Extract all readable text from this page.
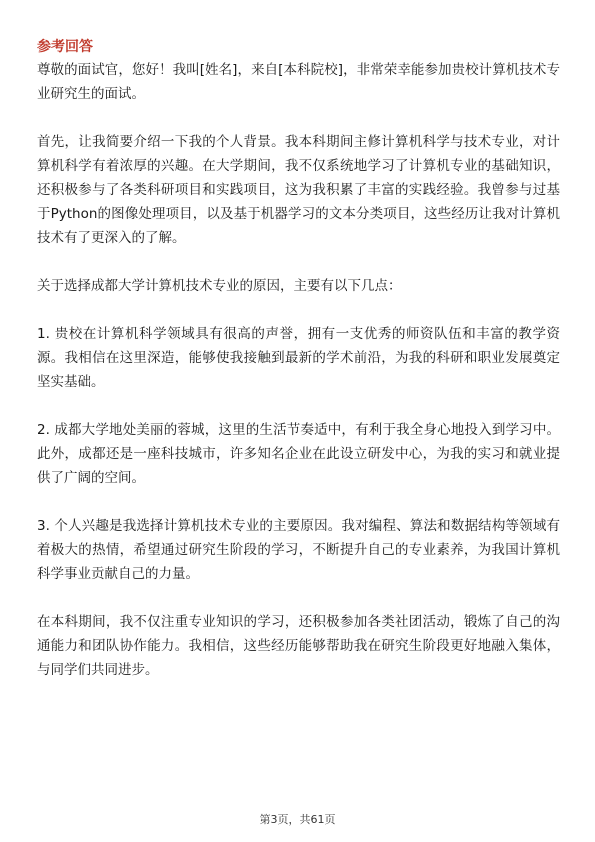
参考回答

尊敬的面试官，您好！我叫[姓名]，来自[本科院校]，非常荣幸能参加贵校计算机技术专业研究生的面试。

首先，让我简要介绍一下我的个人背景。我本科期间主修计算机科学与技术专业，对计算机科学有着浓厚的兴趣。在大学期间，我不仅系统地学习了计算机专业的基础知识，还积极参与了各类科研项目和实践项目，这为我积累了丰富的实践经验。我曾参与过基于Python的图像处理项目，以及基于机器学习的文本分类项目，这些经历让我对计算机技术有了更深入的了解。

关于选择成都大学计算机技术专业的原因，主要有以下几点：

1. 贵校在计算机科学领域具有很高的声誉，拥有一支优秀的师资队伍和丰富的教学资源。我相信在这里深造，能够使我接触到最新的学术前沿，为我的科研和职业发展奠定坚实基础。

2. 成都大学地处美丽的蓉城，这里的生活节奏适中，有利于我全身心地投入到学习中。此外，成都还是一座科技城市，许多知名企业在此设立研发中心，为我的实习和就业提供了广阔的空间。

3. 个人兴趣是我选择计算机技术专业的主要原因。我对编程、算法和数据结构等领域有着极大的热情，希望通过研究生阶段的学习，不断提升自己的专业素养，为我国计算机科学事业贡献自己的力量。

在本科期间，我不仅注重专业知识的学习，还积极参加各类社团活动，锻炼了自己的沟通能力和团队协作能力。我相信，这些经历能够帮助我在研究生阶段更好地融入集体，与同学们共同进步。

第3页，共61页
